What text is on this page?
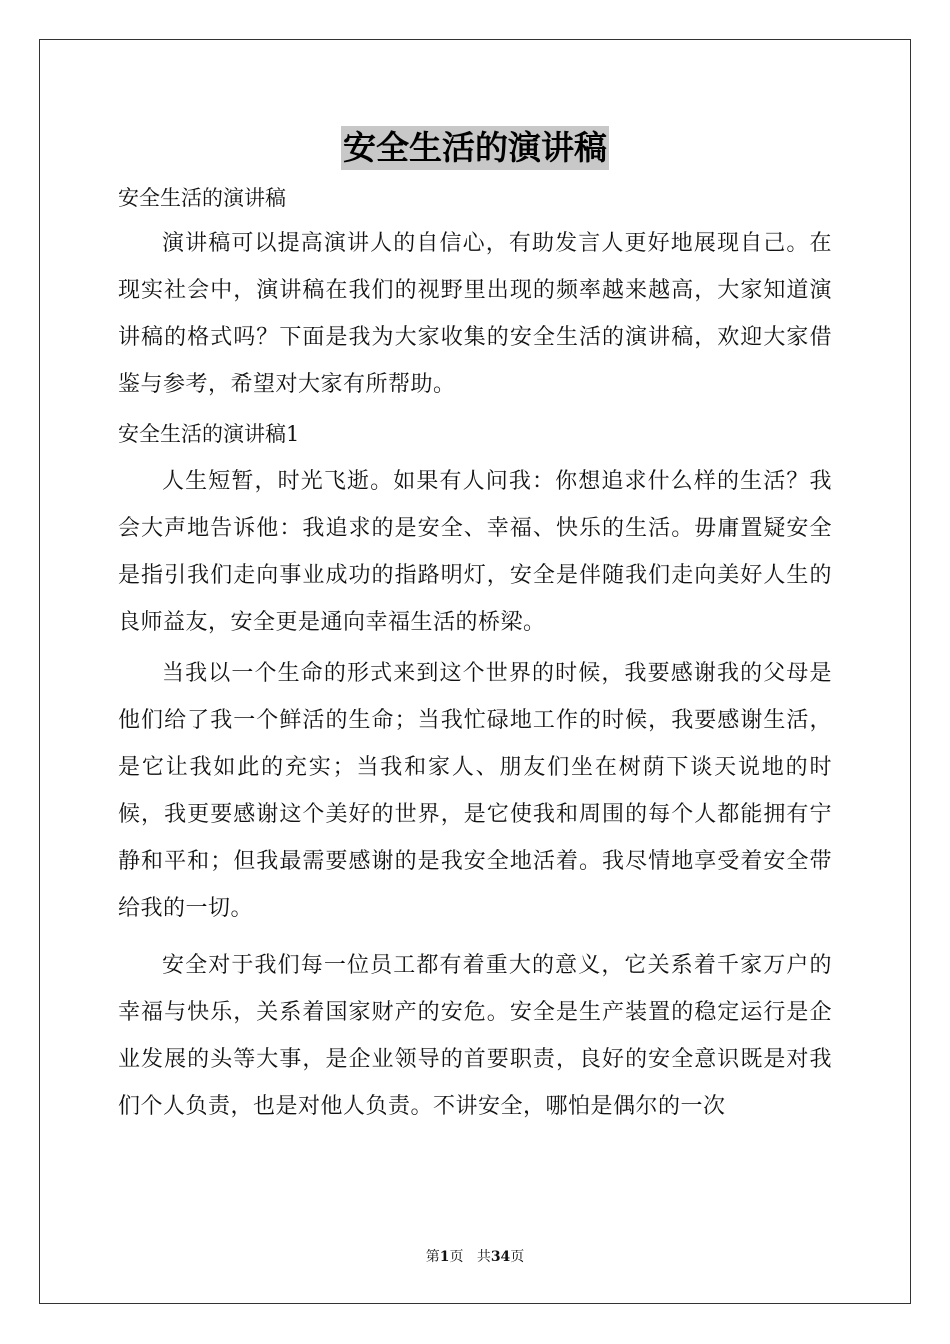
安全生活的演讲稿

安全生活的演讲稿

演讲稿可以提高演讲人的自信心，有助发言人更好地展现自己。在现实社会中，演讲稿在我们的视野里出现的频率越来越高，大家知道演讲稿的格式吗？下面是我为大家收集的安全生活的演讲稿，欢迎大家借鉴与参考，希望对大家有所帮助。

安全生活的演讲稿1

人生短暂，时光飞逝。如果有人问我：你想追求什么样的生活？我会大声地告诉他：我追求的是安全、幸福、快乐的生活。毋庸置疑安全是指引我们走向事业成功的指路明灯，安全是伴随我们走向美好人生的良师益友，安全更是通向幸福生活的桥梁。

当我以一个生命的形式来到这个世界的时候，我要感谢我的父母是他们给了我一个鲜活的生命；当我忙碌地工作的时候，我要感谢生活，是它让我如此的充实；当我和家人、朋友们坐在树荫下谈天说地的时候，我更要感谢这个美好的世界，是它使我和周围的每个人都能拥有宁静和平和；但我最需要感谢的是我安全地活着。我尽情地享受着安全带给我的一切。

安全对于我们每一位员工都有着重大的意义，它关系着千家万户的幸福与快乐，关系着国家财产的安危。安全是生产装置的稳定运行是企业发展的头等大事，是企业领导的首要职责，良好的安全意识既是对我们个人负责，也是对他人负责。不讲安全，哪怕是偶尔的一次

第1页 共34页
